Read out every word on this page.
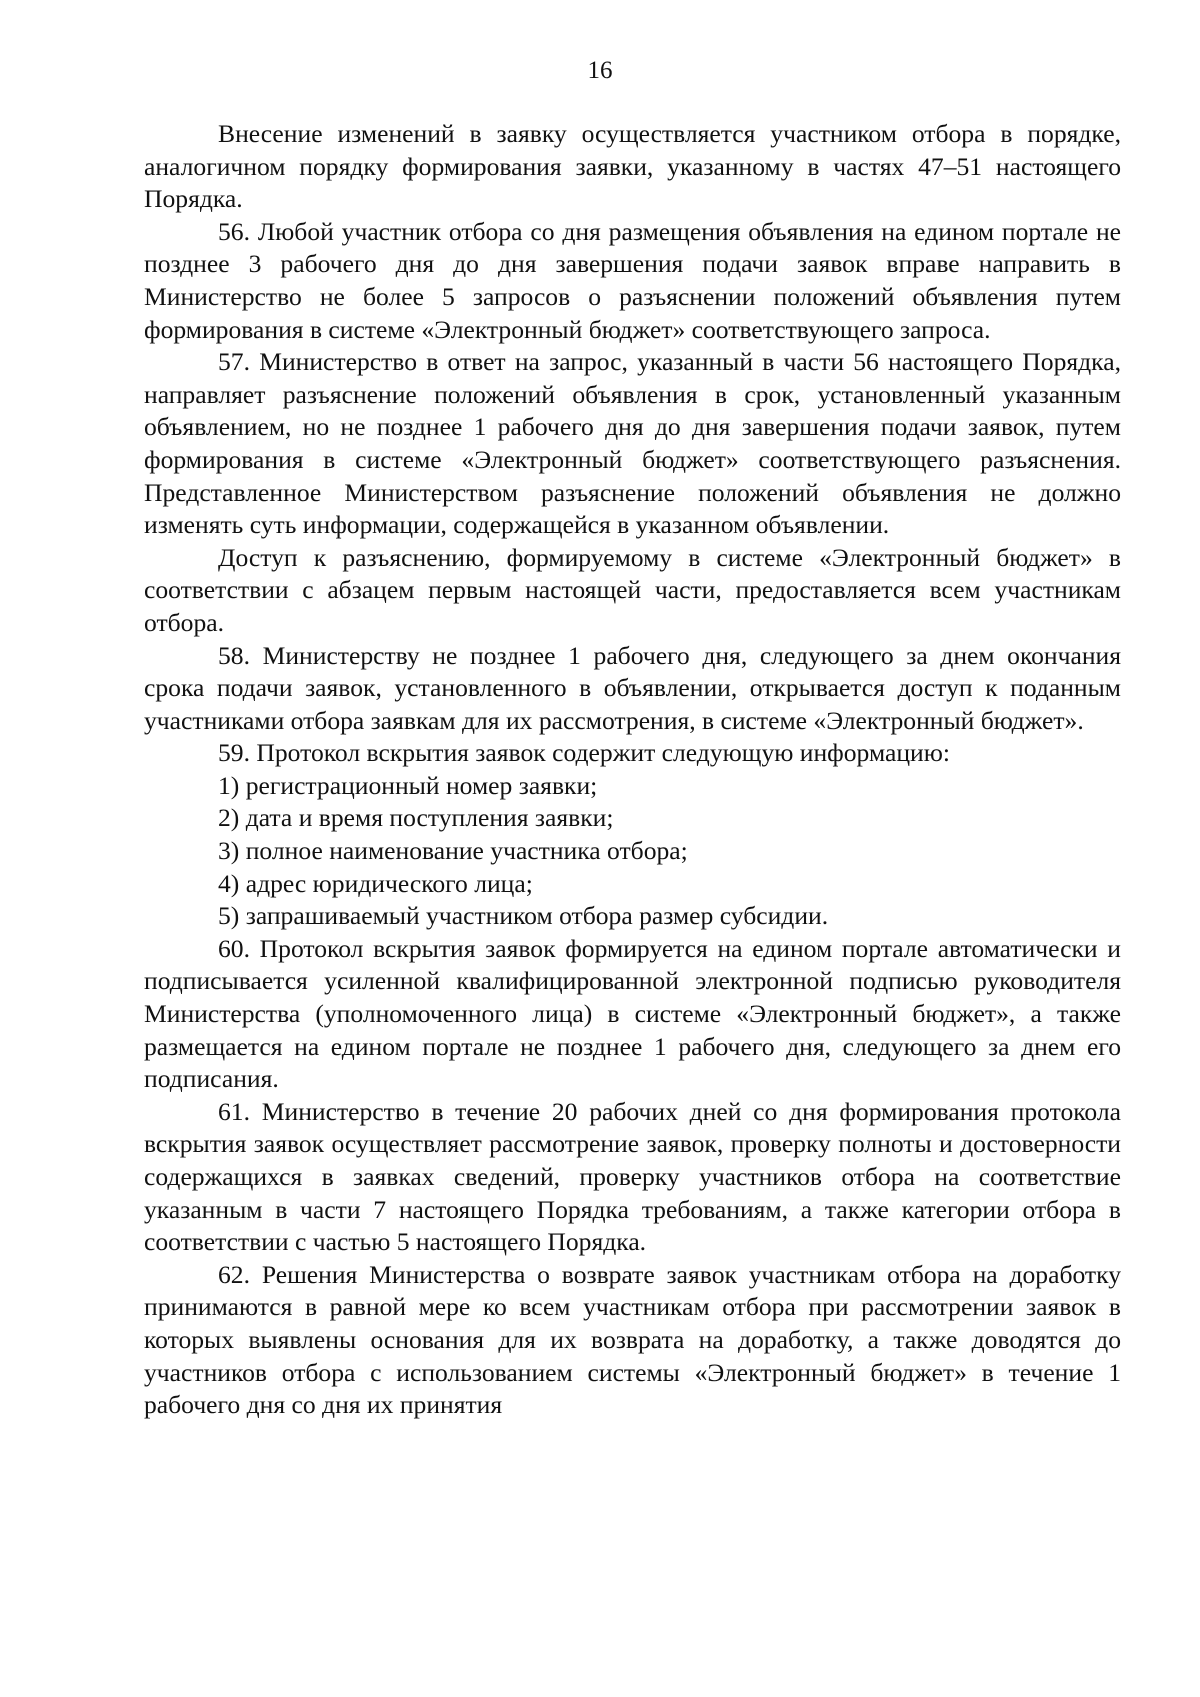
16

Внесение изменений в заявку осуществляется участником отбора в порядке, аналогичном порядку формирования заявки, указанному в частях 47–51 настоящего Порядка.

56. Любой участник отбора со дня размещения объявления на едином портале не позднее 3 рабочего дня до дня завершения подачи заявок вправе направить в Министерство не более 5 запросов о разъяснении положений объявления путем формирования в системе «Электронный бюджет» соответствующего запроса.

57. Министерство в ответ на запрос, указанный в части 56 настоящего Порядка, направляет разъяснение положений объявления в срок, установленный указанным объявлением, но не позднее 1 рабочего дня до дня завершения подачи заявок, путем формирования в системе «Электронный бюджет» соответствующего разъяснения. Представленное Министерством разъяснение положений объявления не должно изменять суть информации, содержащейся в указанном объявлении.

Доступ к разъяснению, формируемому в системе «Электронный бюджет» в соответствии с абзацем первым настоящей части, предоставляется всем участникам отбора.

58. Министерству не позднее 1 рабочего дня, следующего за днем окончания срока подачи заявок, установленного в объявлении, открывается доступ к поданным участниками отбора заявкам для их рассмотрения, в системе «Электронный бюджет».

59. Протокол вскрытия заявок содержит следующую информацию:

1) регистрационный номер заявки;

2) дата и время поступления заявки;

3) полное наименование участника отбора;

4) адрес юридического лица;

5) запрашиваемый участником отбора размер субсидии.

60. Протокол вскрытия заявок формируется на едином портале автоматически и подписывается усиленной квалифицированной электронной подписью руководителя Министерства (уполномоченного лица) в системе «Электронный бюджет», а также размещается на едином портале не позднее 1 рабочего дня, следующего за днем его подписания.

61. Министерство в течение 20 рабочих дней со дня формирования протокола вскрытия заявок осуществляет рассмотрение заявок, проверку полноты и достоверности содержащихся в заявках сведений, проверку участников отбора на соответствие указанным в части 7 настоящего Порядка требованиям, а также категории отбора в соответствии с частью 5 настоящего Порядка.

62. Решения Министерства о возврате заявок участникам отбора на доработку принимаются в равной мере ко всем участникам отбора при рассмотрении заявок в которых выявлены основания для их возврата на доработку, а также доводятся до участников отбора с использованием системы «Электронный бюджет» в течение 1 рабочего дня со дня их принятия
